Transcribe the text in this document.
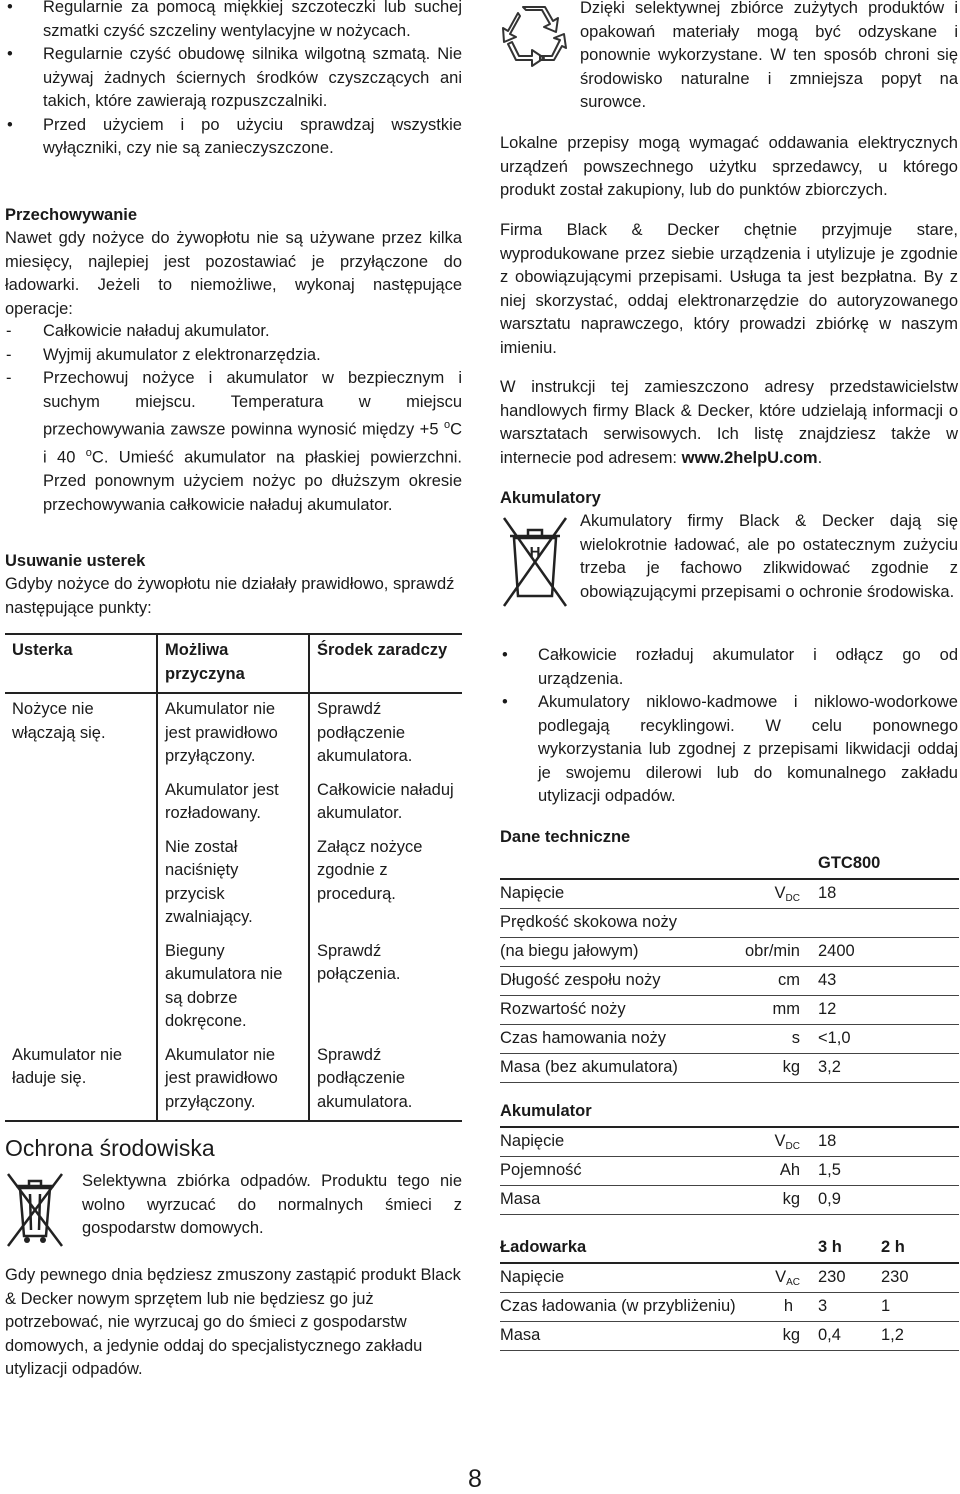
• Regularnie za pomocą miękkiej szczoteczki lub suchej szmatki czyść szczeliny wentylacyjne w nożycach.
• Regularnie czyść obudowę silnika wilgotną szmatą. Nie używaj żadnych ściernych środków czyszczących ani takich, które zawierają rozpuszczalniki.
• Przed użyciem i po użyciu sprawdzaj wszystkie wyłączniki, czy nie są zanieczyszczone.

Przechowywanie

Nawet gdy nożyce do żywopłotu nie są używane przez kilka miesięcy, najlepiej jest pozostawiać je przyłączone do ładowarki. Jeżeli to niemożliwe, wykonaj następujące operacje:

- Całkowicie naładuj akumulator.

- Wyjmij akumulator z elektronarzędzia.

- Przechowuj nożyce i akumulator w bezpiecznym i suchym miejscu. Temperatura w miejscu przechowywania zawsze powinna wynosić między +5 $^o$C i 40 $^o$C. Umieść akumulator na płaskiej powierzchni. Przed ponownym użyciem nożyc po dłuższym okresie przechowywania całkowicie naładuj akumulator.

Usuwanie usterek

Gdyby nożyce do żywopłotu nie działały prawidłowo, sprawdź następujące punkty:

Usterka	Możliwa przyczyna	Środek zaradczy
Nożyce nie włączają się.	Akumulator nie jest prawidłowo przyłączony.	Sprawdź podłączenie akumulatora.
	Akumulator jest rozładowany.	Całkowicie naładuj akumulator.
	Nie został naciśnięty przycisk zwalniający.	Załącz nożyce zgodnie z procedurą.
	Bieguny akumulatora nie są dobrze dokręcone.	Sprawdź połączenia.
Akumulator nie ładuje się.	Akumulator nie jest prawidłowo przyłączony.	Sprawdź podłączenie akumulatora.

Ochrona środowiska

Selektywna zbiórka odpadów. Produktu tego nie wolno wyrzucać do normalnych śmieci z gospodarstw domowych.

Gdy pewnego dnia będziesz zmuszony zastąpić produkt Black & Decker nowym sprzętem lub nie będziesz go już potrzebować, nie wyrzucaj go do śmieci z gospodarstw domowych, a jedynie oddaj do specjalistycznego zakładu utylizacji odpadów.

Dzięki selektywnej zbiórce zużytych produktów i opakowań materiały mogą być odzyskane i ponownie wykorzystane. W ten sposób chroni się środowisko naturalne i zmniejsza popyt na surowce.

Lokalne przepisy mogą wymagać oddawania elektrycznych urządzeń powszechnego użytku sprzedawcy, u którego produkt został zakupiony, lub do punktów zbiorczych.

Firma Black & Decker chętnie przyjmuje stare, wyprodukowane przez siebie urządzenia i utylizuje je zgodnie z obowiązującymi przepisami. Usługa ta jest bezpłatna. By z niej skorzystać, oddaj elektronarzędzie do autoryzowanego warsztatu naprawczego, który prowadzi zbiórkę w naszym imieniu.

W instrukcji tej zamieszczono adresy przedstawicielstw handlowych firmy Black & Decker, które udzielają informacji o warsztatach serwisowych. Ich listę znajdziesz także w internecie pod adresem: www.2helpU.com.

Akumulatory

H

Akumulatory firmy Black & Decker dają się wielokrotnie ładować, ale po ostatecznym zużyciu trzeba je fachowo zlikwidować zgodnie z obowiązującymi przepisami o ochronie środowiska.

• Całkowicie rozładuj akumulator i odłącz go od urządzenia.
• Akumulatory niklowo-kadmowe i niklowo-wodorkowe podlegają recyklingowi. W celu ponownego wykorzystania lub zgodnej z przepisami likwidacji oddaj je swojemu dilerowi lub do komunalnego zakładu utylizacji odpadów.

Dane techniczne

GTC800
Napięcie	$V_{DC}$ 18
Prędkość skokowa noży
(na biegu jałowym)	obr/min 2400
Długość zespołu noży	cm 43
Rozwartość noży	mm 12
Czas hamowania noży	s <1,0
Masa (bez akumulatora)	kg 3,2
Akumulator
Napięcie	$V_{DC}$ 18
Pojemność	Ah 1,5
Masa	kg 0,9
Ładowarka	3 h 2 h
Napięcie	$V_{AC}$ 230 230
Czas ładowania (w przybliżeniu)	h 3	1
Masa	kg 0,4 1,2
8
